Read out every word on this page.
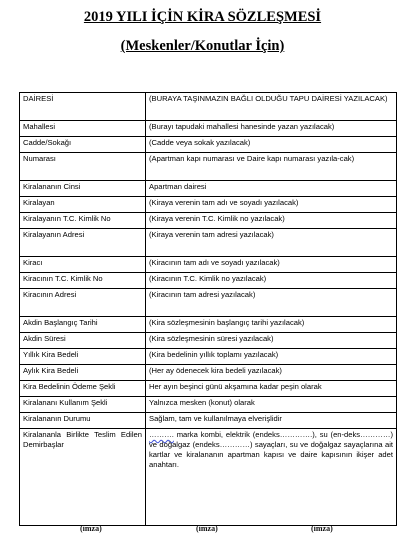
2019 YILI İÇİN KİRA SÖZLEŞMESİ
(Meskenler/Konutlar İçin)
DAİRESİ	(BURAYA TAŞINMAZIN BAĞLI OLDUĞU TAPU DAİRESİ YAZILACAK)
Mahallesi	(Burayı tapudaki mahallesi hanesinde yazan yazılacak)
Cadde/Sokağı	(Cadde veya sokak yazılacak)
Numarası	(Apartman kapı numarası ve Daire kapı numarası yazıla-cak)
Kiralananın Cinsi	Apartman dairesi
Kiralayan	(Kiraya verenin tam adı ve soyadı yazılacak)
Kiralayanın T.C. Kimlik No	(Kiraya verenin T.C. Kimlik no yazılacak)
Kiralayanın Adresi	(Kiraya verenin tam adresi yazılacak)
Kiracı	(Kiracının tam adı ve soyadı yazılacak)
Kiracının T.C. Kimlik No	(Kiracının T.C. Kimlik no yazılacak)
Kiracının Adresi	(Kiracının tam adresi yazılacak)
Akdin Başlangıç Tarihi	(Kira sözleşmesinin başlangıç tarihi yazılacak)
Akdin Süresi	(Kira sözleşmesinin süresi yazılacak)
Yıllık Kira Bedeli	(Kira bedelinin yıllık toplamı yazılacak)
Aylık Kira Bedeli	(Her ay ödenecek kira bedeli yazılacak)
Kira Bedelinin Ödeme Şekli	Her ayın beşinci günü akşamına kadar peşin olarak
Kiralananı Kullanım Şekli	Yalnızca mesken (konut) olarak
Kiralananın Durumu	Sağlam, tam ve kullanılmaya elverişlidir
Kiralananla Birlikte Teslim Edilen Demirbaşlar	………. marka kombi, elektrik (endeks………….), su (en-deks…………) ve doğalgaz (endeks…………) sayaçları, su ve doğalgaz sayaçlarına ait kartlar ve kiralananın apartman kapısı ve daire kapısının ikişer adet anahtarı.
(imza)	(imza)	(imza)
